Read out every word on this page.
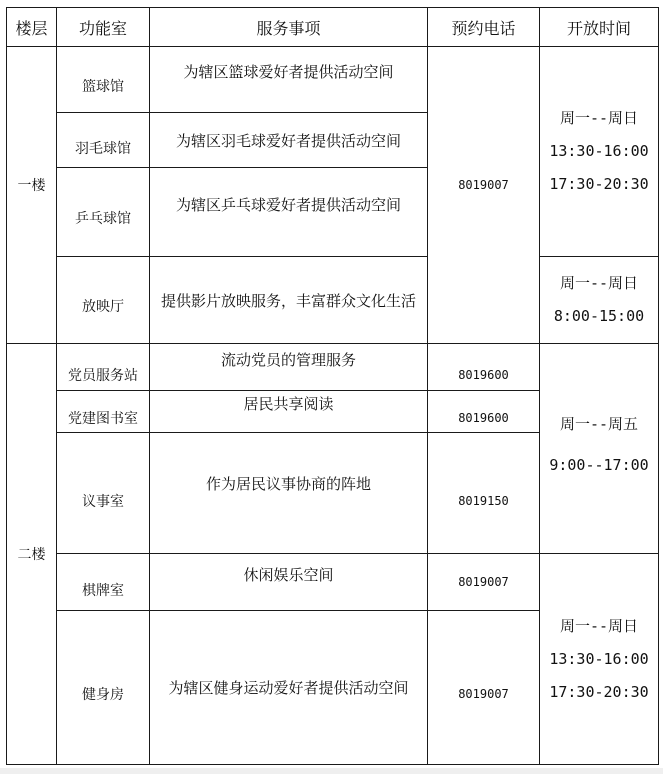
楼层	功能室	服务事项	预约电话	开放时间
一楼	篮球馆	为辖区篮球爱好者提供活动空间	8019007	周一--周日
13:30-16:00
17:30-20:30

	羽毛球馆	为辖区羽毛球爱好者提供活动空间		
	乒乓球馆	为辖区乒乓球爱好者提供活动空间		
	放映厅	提供影片放映服务，丰富群众文化生活		周一--周日
8:00-15:00

二楼	党员服务站	流动党员的管理服务	8019600	周一--周五
9:00--17:00

	党建图书室	居民共享阅读	8019600	
	议事室	作为居民议事协商的阵地	8019150	
	棋牌室	休闲娱乐空间	8019007	周一--周日
13:30-16:00
17:30-20:30

	健身房	为辖区健身运动爱好者提供活动空间	8019007	
